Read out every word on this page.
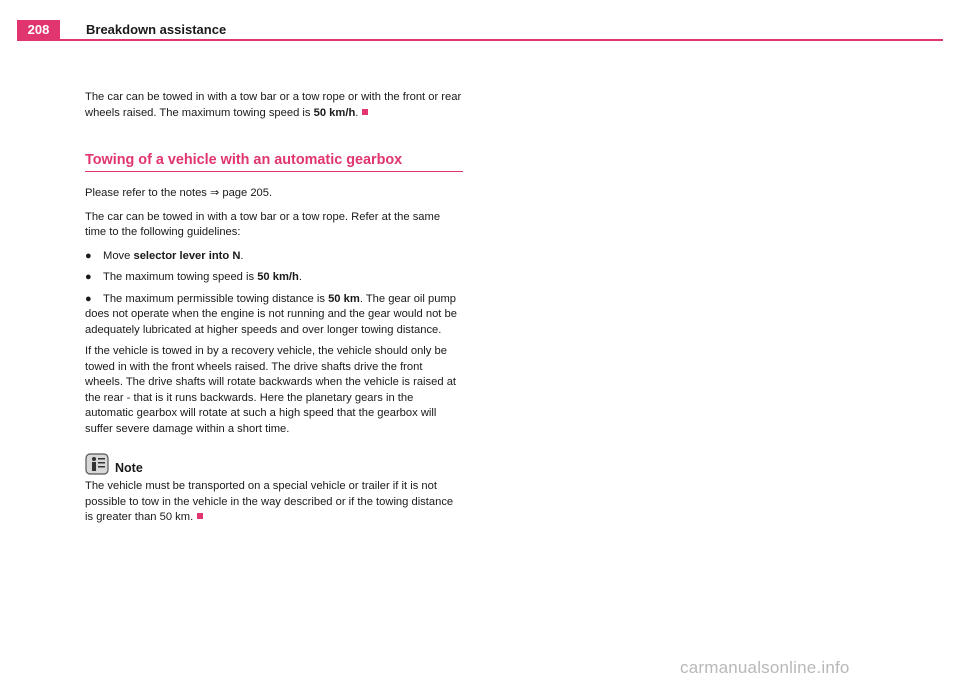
208	Breakdown assistance

The car can be towed in with a tow bar or a tow rope or with the front or rear wheels raised. The maximum towing speed is 50 km/h.

Towing of a vehicle with an automatic gearbox

Please refer to the notes ⇒ page 205.

The car can be towed in with a tow bar or a tow rope. Refer at the same time to the following guidelines:

● Move selector lever into N.
● The maximum towing speed is 50 km/h.
● The maximum permissible towing distance is 50 km. The gear oil pump does not operate when the engine is not running and the gear would not be adequately lubricated at higher speeds and over longer towing distance.

If the vehicle is towed in by a recovery vehicle, the vehicle should only be towed in with the front wheels raised. The drive shafts drive the front wheels. The drive shafts will rotate backwards when the vehicle is raised at the rear - that is it runs backwards. Here the planetary gears in the automatic gearbox will rotate at such a high speed that the gearbox will suffer severe damage within a short time.

Note

The vehicle must be transported on a special vehicle or trailer if it is not possible to tow in the vehicle in the way described or if the towing distance is greater than 50 km.

carmanualsonline.info
